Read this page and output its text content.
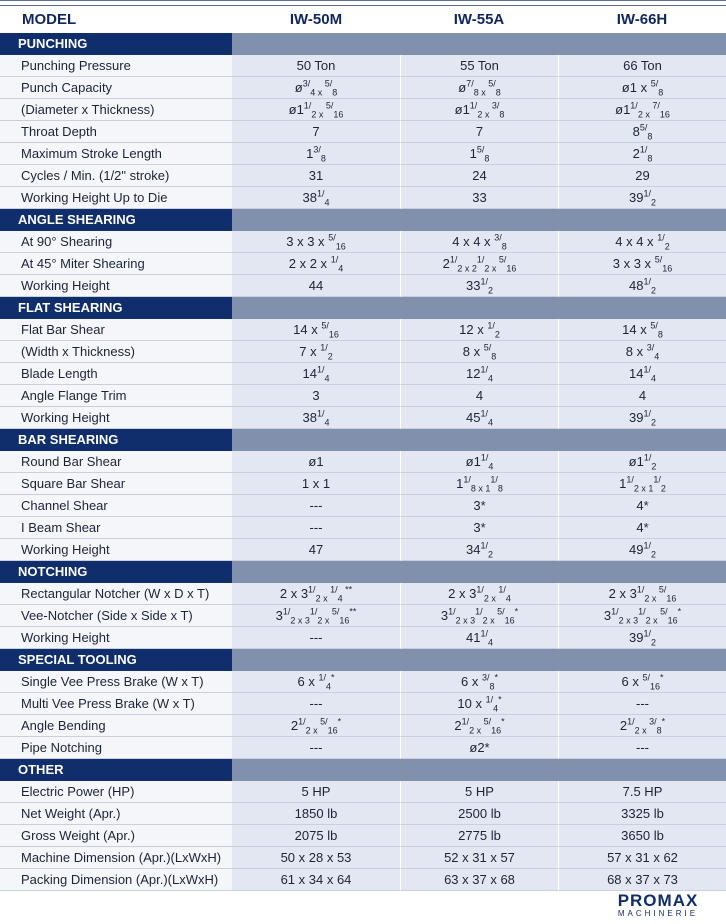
MODEL	IW-50M	IW-55A	IW-66H
PUNCHING
Punching Pressure	50 Ton	55 Ton	66 Ton
Punch Capacity	$ø^{3/}_{4 x}$ $^{5/}_8$	$ø^{7/}_{8 x}$ $^{5/}_8$	ø1 x $^{5/}_8$
(Diameter x Thickness)	$ø1^{1/}_{2 x}$ $^{5/}_{16}$	$ø1^{1/}_{2 x}$ $^{3/}_8$	$ø1^{1/}_{2 x}$ $^{7/}_{16}$
Throat Depth	7	7	$8^{5/}_8$
Maximum Stroke Length	$1^{3/}_8$	$1^{5/}_8$	$2^{1/}_8$
Cycles / Min. (1/2" stroke)	31	24	29
Working Height Up to Die	$38^{1/}_4$	33	$39^{1/}_2$
ANGLE SHEARING
At 90° Shearing	3 x 3 x $^{5/}_{16}$	4 x 4 x $^{3/}_8$	4 x 4 x $^{1/}_2$
At 45° Miter Shearing	2 x 2 x $^{1/}_4$	$2^{1/}_{2 x 2}^{1/}_{2 x}$ $^{5/}_{16}$	3 x 3 x $^{5/}_{16}$
Working Height	44	$33^{1/}_2$	$48^{1/}_2$
FLAT SHEARING
Flat Bar Shear	14 x $^{5/}_{16}$	12 x $^{1/}_2$	14 x $^{5/}_8$
(Width x Thickness)	7 x $^{1/}_2$	8 x $^{5/}_8$	8 x $^{3/}_4$
Blade Length	$14^{1/}_4$	$12^{1/}_4$	$14^{1/}_4$
Angle Flange Trim	3	4	4
Working Height	$38^{1/}_4$	$45^{1/}_4$	$39^{1/}_2$
BAR SHEARING
Round Bar Shear	ø1	$ø1^{1/}_4$	$ø1^{1/}_2$
Square Bar Shear	1 x 1	$1^{1/}_{8 x 1}^{1/}_8$	$1^{1/}_{2 x 1}^{1/}_2$
Channel Shear	---	3*	4*
I Beam Shear	---	3*	4*
Working Height	47	$34^{1/}_2$	$49^{1/}_2$
NOTCHING
Rectangular Notcher (W x D x T)	2 x $3^{1/}_{2 x}$ $^{1/}_4$ **	2 x $3^{1/}_{2 x}$ $^{1/}_4$	2 x $3^{1/}_{2 x}$ $^{5/}_{16}$
Vee-Notcher (Side x Side x T)	$3^{1/}_{2 x 3}^{1/}_{2 x}$ $^{5/}_{16}$**	$3^{1/}_{2 x 3}^{1/}_{2 x}$ $^{5/}_{16}$*	$3^{1/}_{2 x 3}^{1/}_{2 x}$ $^{5/}_{16}$*
Working Height	---	$41^{1/}_4$	$39^{1/}_2$
SPECIAL TOOLING
Single Vee Press Brake (W x T)	6 x $^{1/}_4$*	6 x $^{3/}_8$*	6 x $^{5/}_{16}$*
Multi Vee Press Brake (W x T)	---	10 x $^{1/}_4$*	---
Angle Bending	$2^{1/}_{2 x}$ $^{5/}_{16}$*	$2^{1/}_{2 x}$ $^{5/}_{16}$*	$2^{1/}_{2 x}$ $^{3/}_8$*
Pipe Notching	---	ø2*	---
OTHER
Electric Power (HP)	5 HP	5 HP	7.5 HP
Net Weight (Apr.)	1850 lb	2500 lb	3325 lb
Gross Weight (Apr.)	2075 lb	2775 lb	3650 lb
Machine Dimension (Apr.)(LxWxH)	50 x 28 x 53	52 x 31 x 57	57 x 31 x 62
Packing Dimension (Apr.)(LxWxH)	61 x 34 x 64	63 x 37 x 68	68 x 37 x 73
PROMAX
MACHINERIE
